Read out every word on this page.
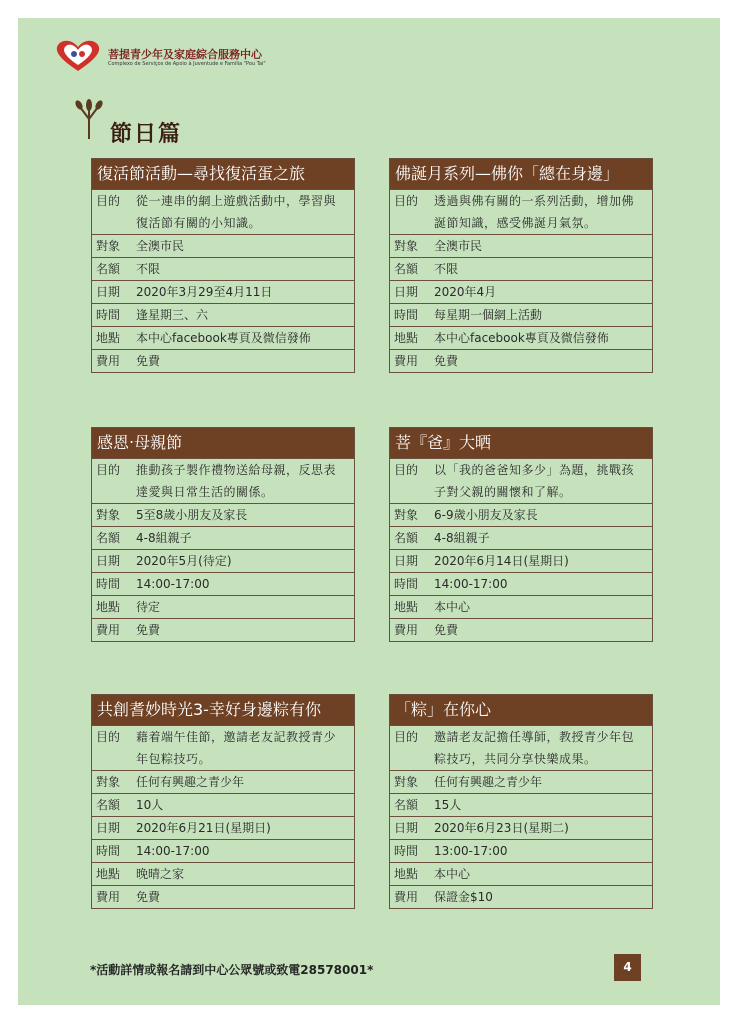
菩提青少年及家庭綜合服務中心
Complexo de Serviços de Apoio à Juventude e Família "Pou Tai"
節日篇
復活節活動—尋找復活蛋之旅
目的	從一連串的網上遊戲活動中，學習與復活節有關的小知識。
對象	全澳市民
名額	不限
日期	2020年3月29至4月11日
時間	逢星期三、六
地點	本中心facebook專頁及微信發佈
費用	免費
佛誕月系列—佛你「總在身邊」
目的	透過與佛有關的一系列活動，增加佛誕節知識，感受佛誕月氣氛。
對象	全澳市民
名額	不限
日期	2020年4月
時間	每星期一個網上活動
地點	本中心facebook專頁及微信發佈
費用	免費
感恩‧母親節
目的	推動孩子製作禮物送給母親，反思表達愛與日常生活的關係。
對象	5至8歲小朋友及家長
名額	4-8組親子
日期	2020年5月(待定)
時間	14:00-17:00
地點	待定
費用	免費
菩『爸』大晒
目的	以「我的爸爸知多少」為題，挑戰孩子對父親的關懷和了解。
對象	6-9歲小朋友及家長
名額	4-8組親子
日期	2020年6月14日(星期日)
時間	14:00-17:00
地點	本中心
費用	免費
共創耆妙時光3-幸好身邊粽有你
目的	藉着端午佳節，邀請老友記教授青少年包粽技巧。
對象	任何有興趣之青少年
名額	10人
日期	2020年6月21日(星期日)
時間	14:00-17:00
地點	晚晴之家
費用	免費
「粽」在你心
目的	邀請老友記擔任導師，教授青少年包粽技巧，共同分享快樂成果。
對象	任何有興趣之青少年
名額	15人
日期	2020年6月23日(星期二)
時間	13:00-17:00
地點	本中心
費用	保證金$10
*活動詳情或報名請到中心公眾號或致電28578001*	4
